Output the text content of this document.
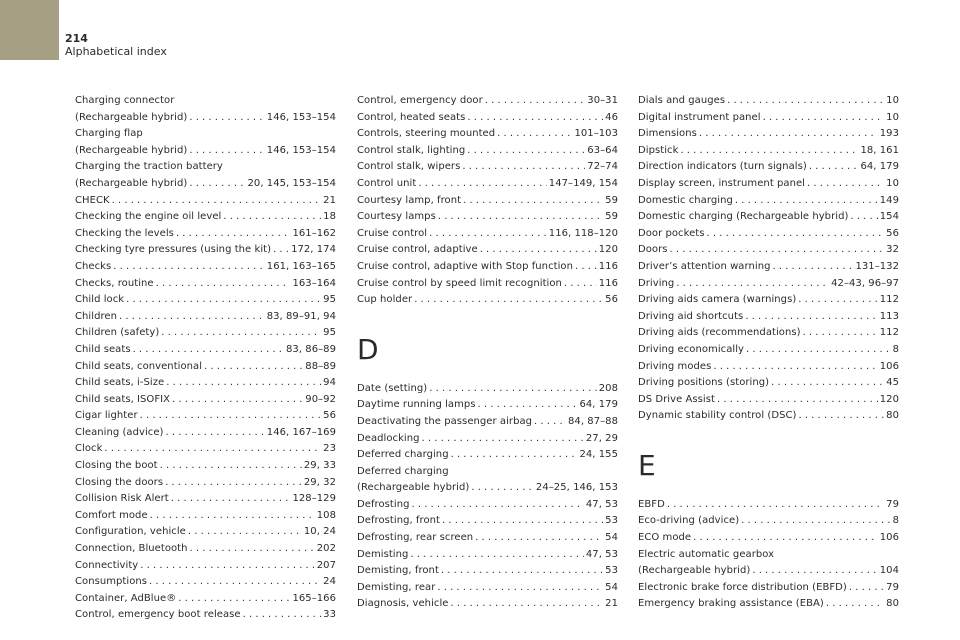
214
Alphabetical index
Charging connector
(Rechargeable hybrid) . . .	146, 153–154
Charging flap
(Rechargeable hybrid) . . .	146, 153–154
Charging the traction battery
(Rechargeable hybrid) . . .	20, 145, 153–154
CHECK . . .	21
Checking the engine oil level . . .	18
Checking the levels . . .	161–162
Checking tyre pressures (using the kit) . . . 172, 174
Checks . . .	161, 163–165
Checks, routine . . .	163–164
Child lock . . .	95
Children . . .	83, 89–91, 94
Children (safety) . . .	95
Child seats . . .	83, 86–89
Child seats, conventional . . .	88–89
Child seats, i-Size . . .	94
Child seats, ISOFIX . . .	90–92
Cigar lighter . . .	56
Cleaning (advice) . . .	146, 167–169
Clock . . .	23
Closing the boot . . .	29, 33
Closing the doors . . .	29, 32
Collision Risk Alert . . .	128–129
Comfort mode . . .	108
Configuration, vehicle . . .	10, 24
Connection, Bluetooth . . .	202
Connectivity . . .	207
Consumptions . . .	24
Container, AdBlue® . . .	165–166
Control, emergency boot release . . .	33
Control, emergency door . . .	30–31
Control, heated seats . . .	46
Controls, steering mounted . . .	101–103
Control stalk, lighting . . .	63–64
Control stalk, wipers . . .	72–74
Control unit . . .	147–149, 154
Courtesy lamp, front . . .	59
Courtesy lamps . . .	59
Cruise control . . .	116, 118–120
Cruise control, adaptive . . .	120
Cruise control, adaptive with Stop function . . .	116
Cruise control by speed limit recognition . . .	116
Cup holder . . .	56
D
Date (setting) . . .	208
Daytime running lamps . . .	64, 179
Deactivating the passenger airbag . . .	84, 87–88
Deadlocking . . .	27, 29
Deferred charging . . .	24, 155
Deferred charging
(Rechargeable hybrid) . . .	24–25, 146, 153
Defrosting . . .	47, 53
Defrosting, front . . .	53
Defrosting, rear screen . . .	54
Demisting . . .	47, 53
Demisting, front . . .	53
Demisting, rear . . .	54
Diagnosis, vehicle . . .	21
Dials and gauges . . .	10
Digital instrument panel . . .	10
Dimensions . . .	193
Dipstick . . .	18, 161
Direction indicators (turn signals) . . .	64, 179
Display screen, instrument panel . . .	10
Domestic charging . . .	149
Domestic charging (Rechargeable hybrid) . . .	154
Door pockets . . .	56
Doors . . .	32
Driver’s attention warning . . .	131–132
Driving . . .	42–43, 96–97
Driving aids camera (warnings) . . .	112
Driving aid shortcuts . . .	113
Driving aids (recommendations) . . .	112
Driving economically . . .	8
Driving modes . . .	106
Driving positions (storing) . . .	45
DS Drive Assist . . .	120
Dynamic stability control (DSC) . . .	80
E
EBFD . . .	79
Eco-driving (advice) . . .	8
ECO mode . . .	106
Electric automatic gearbox
(Rechargeable hybrid) . . .	104
Electronic brake force distribution (EBFD) . . .	79
Emergency braking assistance (EBA) . . .	80
